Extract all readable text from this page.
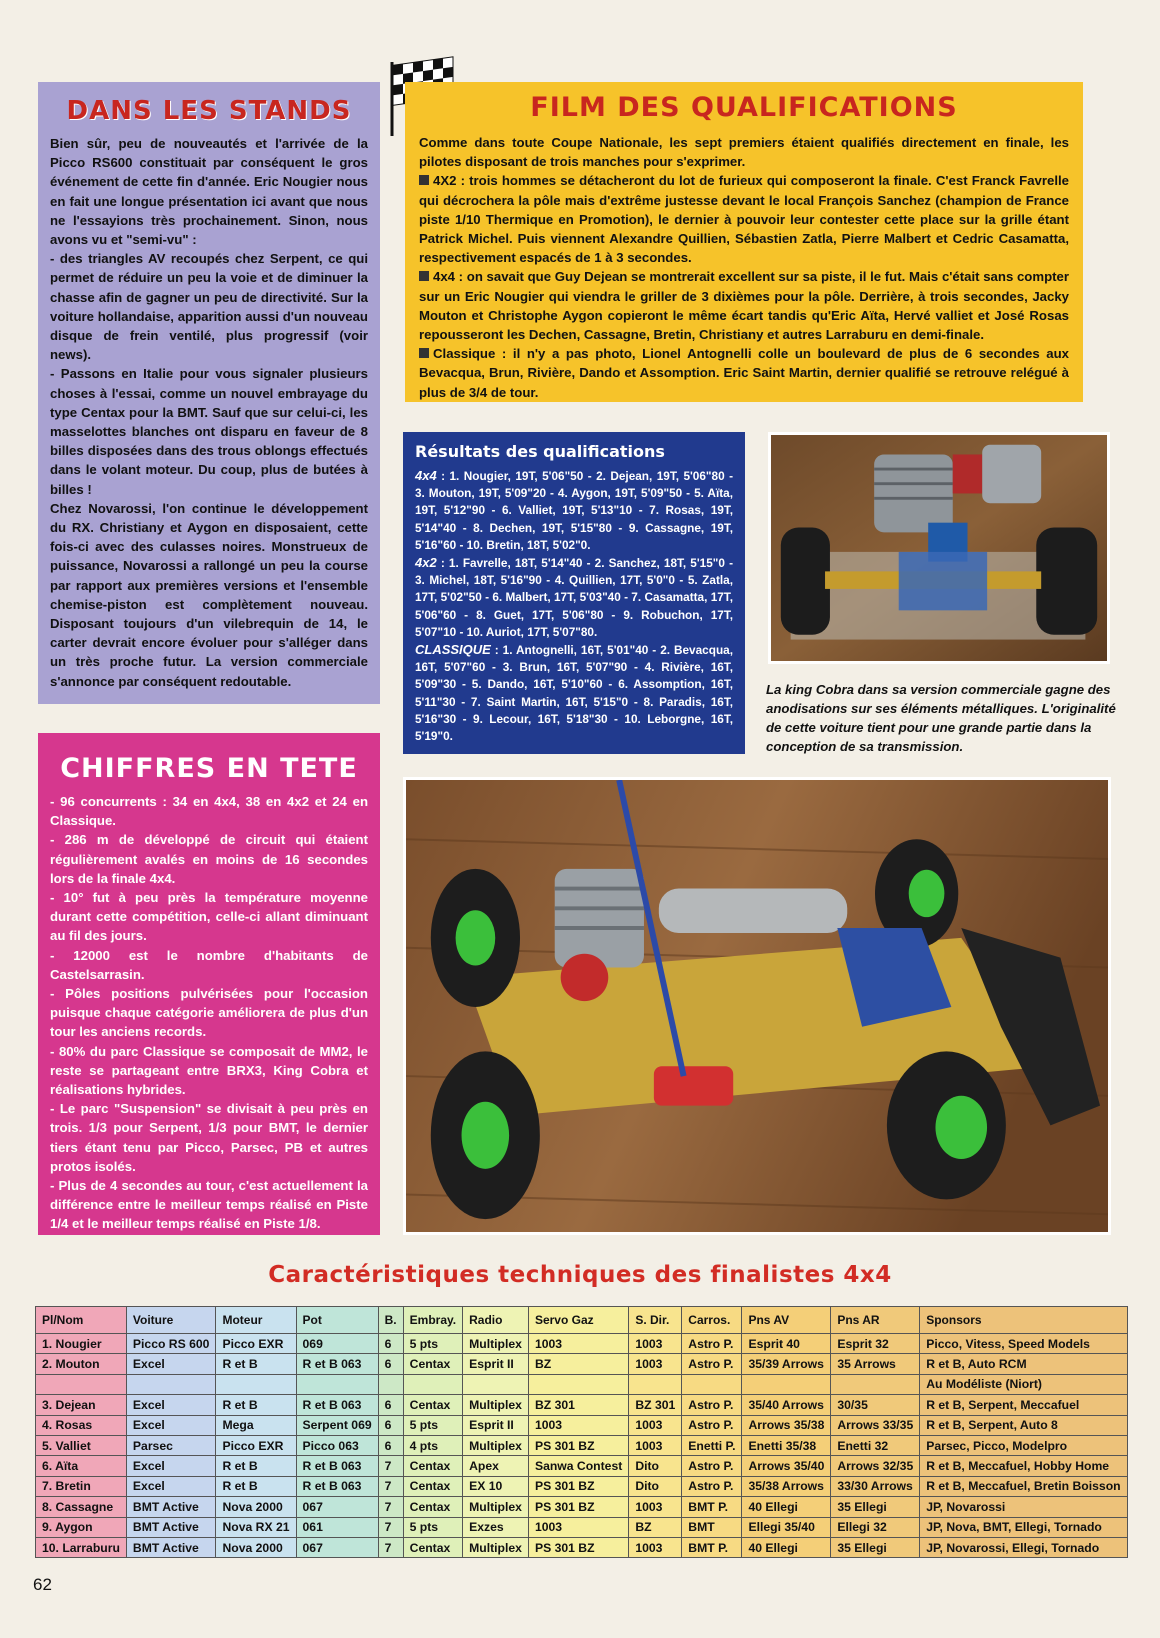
DANS LES STANDS
Bien sûr, peu de nouveautés et l'arrivée de la Picco RS600 constituait par conséquent le gros événement de cette fin d'année. Eric Nougier nous en fait une longue présentation ici avant que nous ne l'essayions très prochainement. Sinon, nous avons vu et "semi-vu" :
- des triangles AV recoupés chez Serpent, ce qui permet de réduire un peu la voie et de diminuer la chasse afin de gagner un peu de directivité. Sur la voiture hollandaise, apparition aussi d'un nouveau disque de frein ventilé, plus progressif (voir news).
- Passons en Italie pour vous signaler plusieurs choses à l'essai, comme un nouvel embrayage du type Centax pour la BMT. Sauf que sur celui-ci, les masselottes blanches ont disparu en faveur de 8 billes disposées dans des trous oblongs effectués dans le volant moteur. Du coup, plus de butées à billes !
Chez Novarossi, l'on continue le développement du RX. Christiany et Aygon en disposaient, cette fois-ci avec des culasses noires. Monstrueux de puissance, Novarossi a rallongé un peu la course par rapport aux premières versions et l'ensemble chemise-piston est complètement nouveau. Disposant toujours d'un vilebrequin de 14, le carter devrait encore évoluer pour s'alléger dans un très proche futur. La version commerciale s'annonce par conséquent redoutable.
FILM DES QUALIFICATIONS
Comme dans toute Coupe Nationale, les sept premiers étaient qualifiés directement en finale, les pilotes disposant de trois manches pour s'exprimer.
4X2 : trois hommes se détacheront du lot de furieux qui composeront la finale. C'est Franck Favrelle qui décrochera la pôle mais d'extrême justesse devant le local François Sanchez (champion de France piste 1/10 Thermique en Promotion), le dernier à pouvoir leur contester cette place sur la grille étant Patrick Michel. Puis viennent Alexandre Quillien, Sébastien Zatla, Pierre Malbert et Cedric Casamatta, respectivement espacés de 1 à 3 secondes.
4x4 : on savait que Guy Dejean se montrerait excellent sur sa piste, il le fut. Mais c'était sans compter sur un Eric Nougier qui viendra le griller de 3 dixièmes pour la pôle. Derrière, à trois secondes, Jacky Mouton et Christophe Aygon copieront le même écart tandis qu'Eric Aïta, Hervé valliet et José Rosas repousseront les Dechen, Cassagne, Bretin, Christiany et autres Larraburu en demi-finale.
Classique : il n'y a pas photo, Lionel Antognelli colle un boulevard de plus de 6 secondes aux Bevacqua, Brun, Rivière, Dando et Assomption. Eric Saint Martin, dernier qualifié se retrouve relégué à plus de 3/4 de tour.
Résultats des qualifications
4x4 : 1. Nougier, 19T, 5'06"50 - 2. Dejean, 19T, 5'06"80 - 3. Mouton, 19T, 5'09"20 - 4. Aygon, 19T, 5'09"50 - 5. Aïta, 19T, 5'12"90 - 6. Valliet, 19T, 5'13"10 - 7. Rosas, 19T, 5'14"40 - 8. Dechen, 19T, 5'15"80 - 9. Cassagne, 19T, 5'16"60 - 10. Bretin, 18T, 5'02"0.
4x2 : 1. Favrelle, 18T, 5'14"40 - 2. Sanchez, 18T, 5'15"0 - 3. Michel, 18T, 5'16"90 - 4. Quillien, 17T, 5'0"0 - 5. Zatla, 17T, 5'02"50 - 6. Malbert, 17T, 5'03"40 - 7. Casamatta, 17T, 5'06"60 - 8. Guet, 17T, 5'06"80 - 9. Robuchon, 17T, 5'07"10 - 10. Auriot, 17T, 5'07"80.
CLASSIQUE : 1. Antognelli, 16T, 5'01"40 - 2. Bevacqua, 16T, 5'07"60 - 3. Brun, 16T, 5'07"90 - 4. Rivière, 16T, 5'09"30 - 5. Dando, 16T, 5'10"60 - 6. Assomption, 16T, 5'11"30 - 7. Saint Martin, 16T, 5'15"0 - 8. Paradis, 16T, 5'16"30 - 9. Lecour, 16T, 5'18"30 - 10. Leborgne, 16T, 5'19"0.
La king Cobra dans sa version commerciale gagne des anodisations sur ses éléments métalliques. L'originalité de cette voiture tient pour une grande partie dans la conception de sa transmission.
CHIFFRES EN TETE
- 96 concurrents : 34 en 4x4, 38 en 4x2 et 24 en Classique.
- 286 m de développé de circuit qui étaient régulièrement avalés en moins de 16 secondes lors de la finale 4x4.
- 10° fut à peu près la température moyenne durant cette compétition, celle-ci allant diminuant au fil des jours.
- 12000 est le nombre d'habitants de Castelsarrasin.
- Pôles positions pulvérisées pour l'occasion puisque chaque catégorie améliorera de plus d'un tour les anciens records.
- 80% du parc Classique se composait de MM2, le reste se partageant entre BRX3, King Cobra et réalisations hybrides.
- Le parc "Suspension" se divisait à peu près en trois. 1/3 pour Serpent, 1/3 pour BMT, le dernier tiers étant tenu par Picco, Parsec, PB et autres protos isolés.
- Plus de 4 secondes au tour, c'est actuellement la différence entre le meilleur temps réalisé en Piste 1/4 et le meilleur temps réalisé en Piste 1/8.
Caractéristiques techniques des finalistes 4x4
Pl/Nom	Voiture	Moteur	Pot	B.	Embray.	Radio	Servo Gaz	S. Dir.	Carros.	Pns AV	Pns AR	Sponsors
1. Nougier	Picco RS 600	Picco EXR	069	6	5 pts	Multiplex	1003	1003	Astro P.	Esprit 40	Esprit 32	Picco, Vitess, Speed Models
2. Mouton	Excel	R et B	R et B 063	6	Centax	Esprit II	BZ	1003	Astro P.	35/39 Arrows	35 Arrows	R et B, Auto RCM
												Au Modéliste (Niort)
3. Dejean	Excel	R et B	R et B 063	6	Centax	Multiplex	BZ 301	BZ 301	Astro P.	35/40 Arrows	30/35	R et B, Serpent, Meccafuel
4. Rosas	Excel	Mega	Serpent 069	6	5 pts	Esprit II	1003	1003	Astro P.	Arrows 35/38	Arrows 33/35	R et B, Serpent, Auto 8
5. Valliet	Parsec	Picco EXR	Picco 063	6	4 pts	Multiplex	PS 301 BZ	1003	Enetti P.	Enetti 35/38	Enetti 32	Parsec, Picco, Modelpro
6. Aïta	Excel	R et B	R et B 063	7	Centax	Apex	Sanwa Contest	Dito	Astro P.	Arrows 35/40	Arrows 32/35	R et B, Meccafuel, Hobby Home
7. Bretin	Excel	R et B	R et B 063	7	Centax	EX 10	PS 301 BZ	Dito	Astro P.	35/38 Arrows	33/30 Arrows	R et B, Meccafuel, Bretin Boisson
8. Cassagne	BMT Active	Nova 2000	067	7	Centax	Multiplex	PS 301 BZ	1003	BMT P.	40 Ellegi	35 Ellegi	JP, Novarossi
9. Aygon	BMT Active	Nova RX 21	061	7	5 pts	Exzes	1003	BZ	BMT	Ellegi 35/40	Ellegi 32	JP, Nova, BMT, Ellegi, Tornado
10. Larraburu	BMT Active	Nova 2000	067	7	Centax	Multiplex	PS 301 BZ	1003	BMT P.	40 Ellegi	35 Ellegi	JP, Novarossi, Ellegi, Tornado
62
